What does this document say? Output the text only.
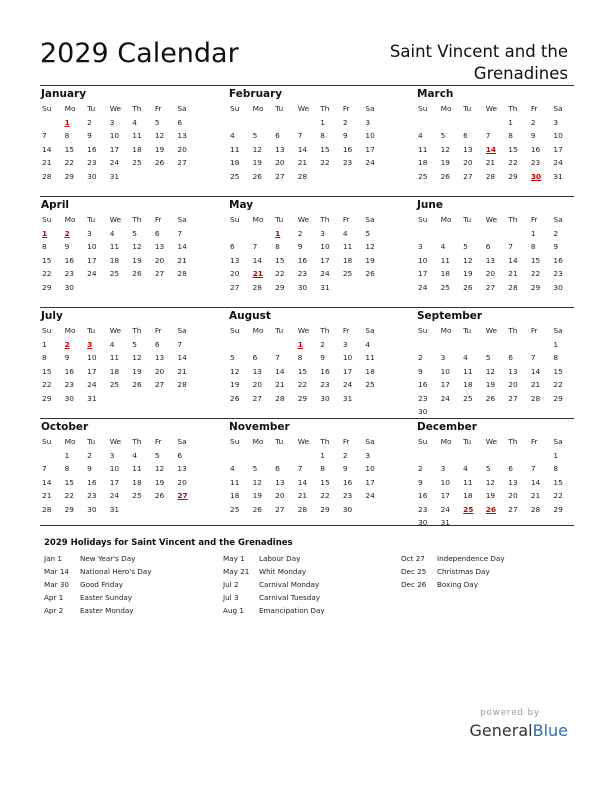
2029 Calendar	Saint Vincent and the
Grenadines
January
Su	Mo	Tu	We	Th	Fr	Sa
	1	2	3	4	5	6
7	8	9	10	11	12	13
14	15	16	17	18	19	20
21	22	23	24	25	26	27
28	29	30	31			

February
Su	Mo	Tu	We	Th	Fr	Sa
				1	2	3
4	5	6	7	8	9	10
11	12	13	14	15	16	17
18	19	20	21	22	23	24
25	26	27	28			

March
Su	Mo	Tu	We	Th	Fr	Sa
				1	2	3
4	5	6	7	8	9	10
11	12	13	14	15	16	17
18	19	20	21	22	23	24
25	26	27	28	29	30	31

April
Su	Mo	Tu	We	Th	Fr	Sa
1	2	3	4	5	6	7
8	9	10	11	12	13	14
15	16	17	18	19	20	21
22	23	24	25	26	27	28
29	30					

May
Su	Mo	Tu	We	Th	Fr	Sa
		1	2	3	4	5
6	7	8	9	10	11	12
13	14	15	16	17	18	19
20	21	22	23	24	25	26
27	28	29	30	31		

June
Su	Mo	Tu	We	Th	Fr	Sa
					1	2
3	4	5	6	7	8	9
10	11	12	13	14	15	16
17	18	19	20	21	22	23
24	25	26	27	28	29	30

July
Su	Mo	Tu	We	Th	Fr	Sa
1	2	3	4	5	6	7
8	9	10	11	12	13	14
15	16	17	18	19	20	21
22	23	24	25	26	27	28
29	30	31				

August
Su	Mo	Tu	We	Th	Fr	Sa
			1	2	3	4
5	6	7	8	9	10	11
12	13	14	15	16	17	18
19	20	21	22	23	24	25
26	27	28	29	30	31	

September
Su	Mo	Tu	We	Th	Fr	Sa
						1
2	3	4	5	6	7	8
9	10	11	12	13	14	15
16	17	18	19	20	21	22
23	24	25	26	27	28	29
30						
October
Su	Mo	Tu	We	Th	Fr	Sa
	1	2	3	4	5	6
7	8	9	10	11	12	13
14	15	16	17	18	19	20
21	22	23	24	25	26	27
28	29	30	31			

November
Su	Mo	Tu	We	Th	Fr	Sa
				1	2	3
4	5	6	7	8	9	10
11	12	13	14	15	16	17
18	19	20	21	22	23	24
25	26	27	28	29	30	

December
Su	Mo	Tu	We	Th	Fr	Sa
						1
2	3	4	5	6	7	8
9	10	11	12	13	14	15
16	17	18	19	20	21	22
23	24	25	26	27	28	29
30	31					
2029 Holidays for Saint Vincent and the Grenadines
Jan 1	New Year's Day
Mar 14 National Hero's Day
Mar 30 Good Friday
Apr 1 Easter Sunday
Apr 2 Easter Monday
May 1 Labour Day
May 21 Whit Monday
Jul 2	Carnival Monday
Jul 3	Carnival Tuesday
Aug 1 Emancipation Day
Oct 27 Independence Day
Dec 25 Christmas Day
Dec 26 Boxing Day
powered by
GeneralBlue
